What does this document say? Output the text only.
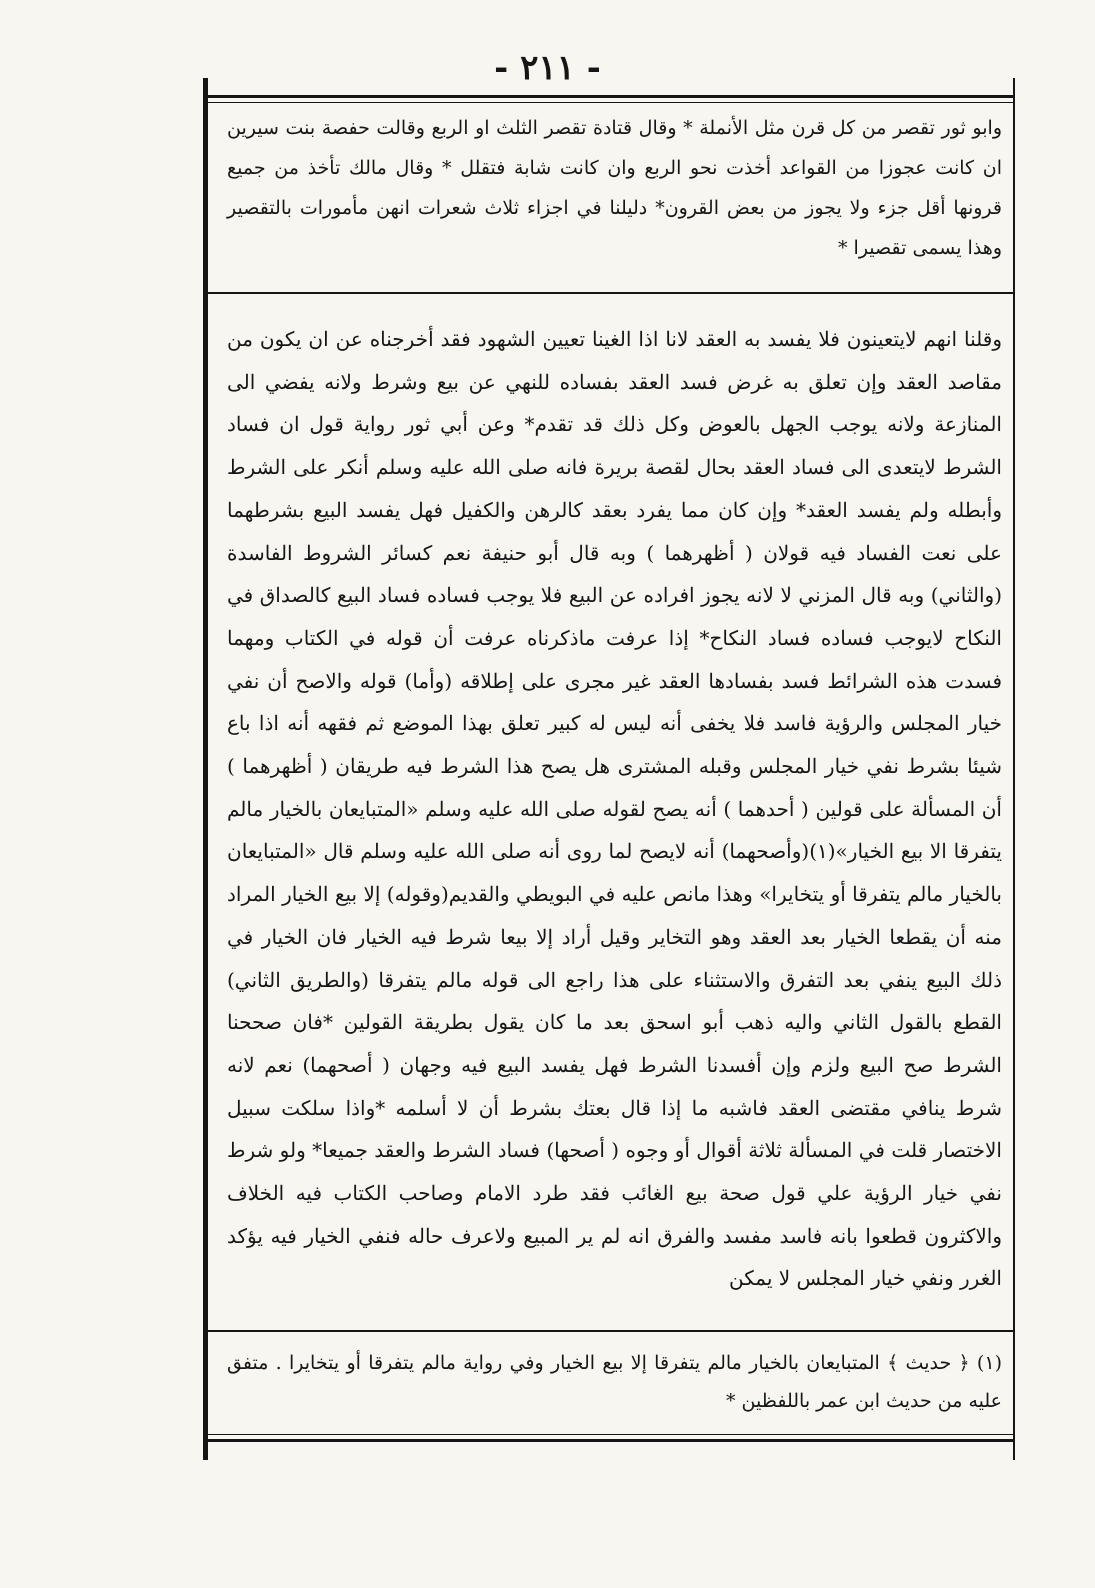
- ٢١١ -

وابو ثور تقصر من كل قرن مثل الأنملة * وقال قتادة تقصر الثلث او الربع وقالت حفصة بنت سيرين ان كانت عجوزا من القواعد أخذت نحو الربع وان كانت شابة فتقلل * وقال مالك تأخذ من جميع قرونها أقل جزء ولا يجوز من بعض القرون* دليلنا في اجزاء ثلاث شعرات انهن مأمورات بالتقصير وهذا يسمى تقصيرا *

وقلنا انهم لايتعينون فلا يفسد به العقد لانا اذا الغينا تعيين الشهود فقد أخرجناه عن ان يكون من مقاصد العقد وإن تعلق به غرض فسد العقد بفساده للنهي عن بيع وشرط ولانه يفضي الى المنازعة ولانه يوجب الجهل بالعوض وكل ذلك قد تقدم* وعن أبي ثور رواية قول ان فساد الشرط لايتعدى الى فساد العقد بحال لقصة بريرة فانه صلى الله عليه وسلم أنكر على الشرط وأبطله ولم يفسد العقد* وإن كان مما يفرد بعقد كالرهن والكفيل فهل يفسد البيع بشرطهما على نعت الفساد فيه قولان ( أظهرهما ) وبه قال أبو حنيفة نعم كسائر الشروط الفاسدة (والثاني) وبه قال المزني لا لانه يجوز افراده عن البيع فلا يوجب فساده فساد البيع كالصداق في النكاح لايوجب فساده فساد النكاح* إذا عرفت ماذكرناه عرفت أن قوله في الكتاب ومهما فسدت هذه الشرائط فسد بفسادها العقد غير مجرى على إطلاقه (وأما) قوله والاصح أن نفي خيار المجلس والرؤية فاسد فلا يخفى أنه ليس له كبير تعلق بهذا الموضع ثم فقهه أنه اذا باع شيئا بشرط نفي خيار المجلس وقبله المشترى هل يصح هذا الشرط فيه طريقان ( أظهرهما ) أن المسألة على قولين ( أحدهما ) أنه يصح لقوله صلى الله عليه وسلم «المتبايعان بالخيار مالم يتفرقا الا بيع الخيار»(١)(وأصحهما) أنه لايصح لما روى أنه صلى الله عليه وسلم قال «المتبايعان بالخيار مالم يتفرقا أو يتخايرا» وهذا مانص عليه في البويطي والقديم(وقوله) إلا بيع الخيار المراد منه أن يقطعا الخيار بعد العقد وهو التخاير وقيل أراد إلا بيعا شرط فيه الخيار فان الخيار في ذلك البيع ينفي بعد التفرق والاستثناء على هذا راجع الى قوله مالم يتفرقا (والطريق الثاني) القطع بالقول الثاني واليه ذهب أبو اسحق بعد ما كان يقول بطريقة القولين *فان صححنا الشرط صح البيع ولزم وإن أفسدنا الشرط فهل يفسد البيع فيه وجهان ( أصحهما) نعم لانه شرط ينافي مقتضى العقد فاشبه ما إذا قال بعتك بشرط أن لا أسلمه *واذا سلكت سبيل الاختصار قلت في المسألة ثلاثة أقوال أو وجوه ( أصحها) فساد الشرط والعقد جميعا* ولو شرط نفي خيار الرؤية علي قول صحة بيع الغائب فقد طرد الامام وصاحب الكتاب فيه الخلاف والاكثرون قطعوا بانه فاسد مفسد والفرق انه لم ير المبيع ولاعرف حاله فنفي الخيار فيه يؤكد الغرر ونفي خيار المجلس لا يمكن

(١) ﴿ حديث ﴾ المتبايعان بالخيار مالم يتفرقا إلا بيع الخيار وفي رواية مالم يتفرقا أو يتخايرا . متفق عليه من حديث ابن عمر باللفظين *
